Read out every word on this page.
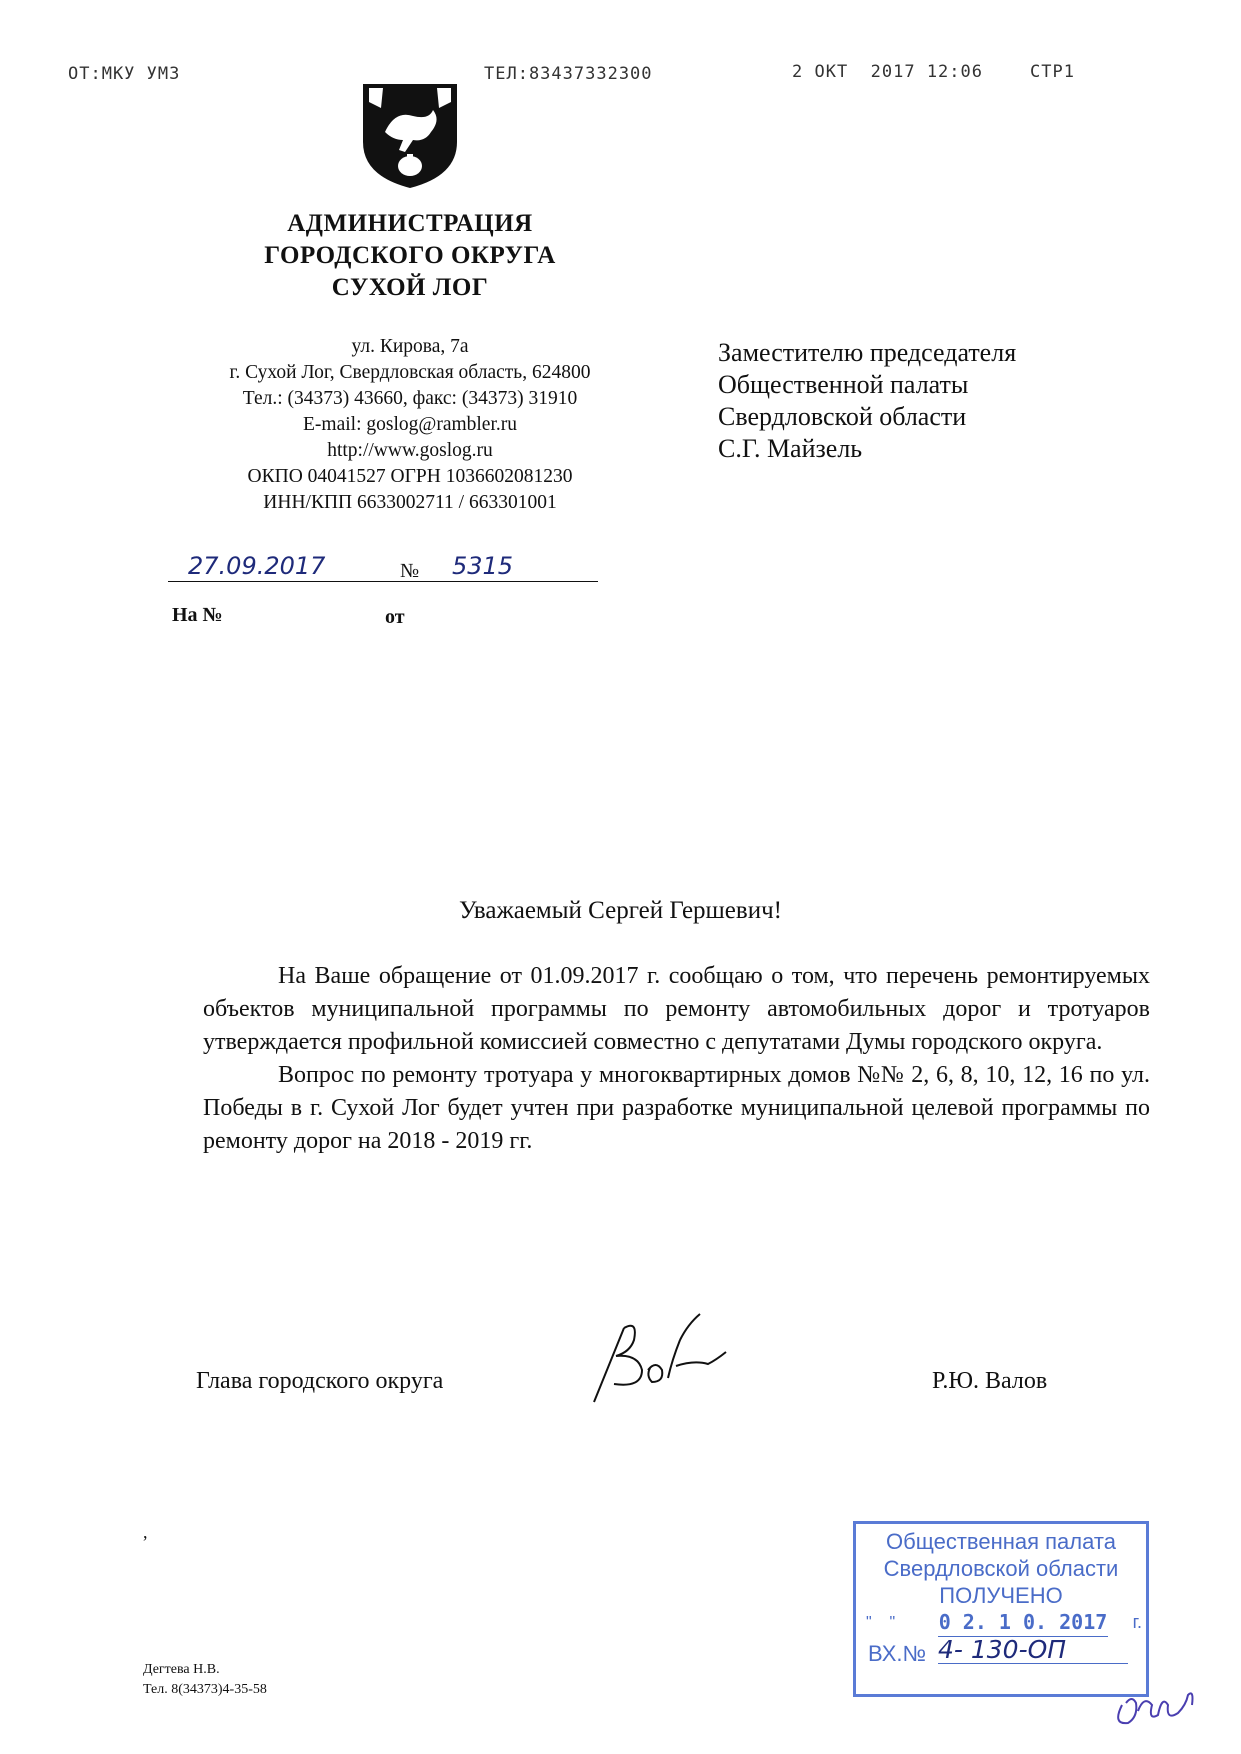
ОТ:МКУ УМЗ	ТЕЛ:83437332300	2 ОКТ  2017 12:06	СТР1
АДМИНИСТРАЦИЯ
ГОРОДСКОГО ОКРУГА
СУХОЙ ЛОГ
ул. Кирова, 7а
г. Сухой Лог, Свердловская область, 624800
Тел.: (34373) 43660, факс: (34373) 31910
E-mail: goslog@rambler.ru
http://www.goslog.ru
ОКПО 04041527 ОГРН 1036602081230
ИНН/КПП 6633002711 / 663301001
27.09.2017	№ 5315
На №	от
Заместителю председателя
Общественной палаты
Свердловской области
С.Г. Майзель
Уважаемый Сергей Гершевич!

На Ваше обращение от 01.09.2017 г. сообщаю о том, что перечень ремонтируемых объектов муниципальной программы по ремонту автомобильных дорог и тротуаров утверждается профильной комиссией совместно с депутатами Думы городского округа.

Вопрос по ремонту тротуара у многоквартирных домов №№ 2, 6, 8, 10, 12, 16 по ул. Победы в г. Сухой Лог будет учтен при разработке муниципальной целевой программы по ремонту дорог на 2018 - 2019 гг.

Глава городского округа	Р.Ю. Валов
Общественная палата
Свердловской области
ПОЛУЧЕНО
"    " 0 2. 1 0. 2017 г.
ВХ.№ 4- 130-ОП
,
Дегтева Н.В.
Тел. 8(34373)4-35-58
